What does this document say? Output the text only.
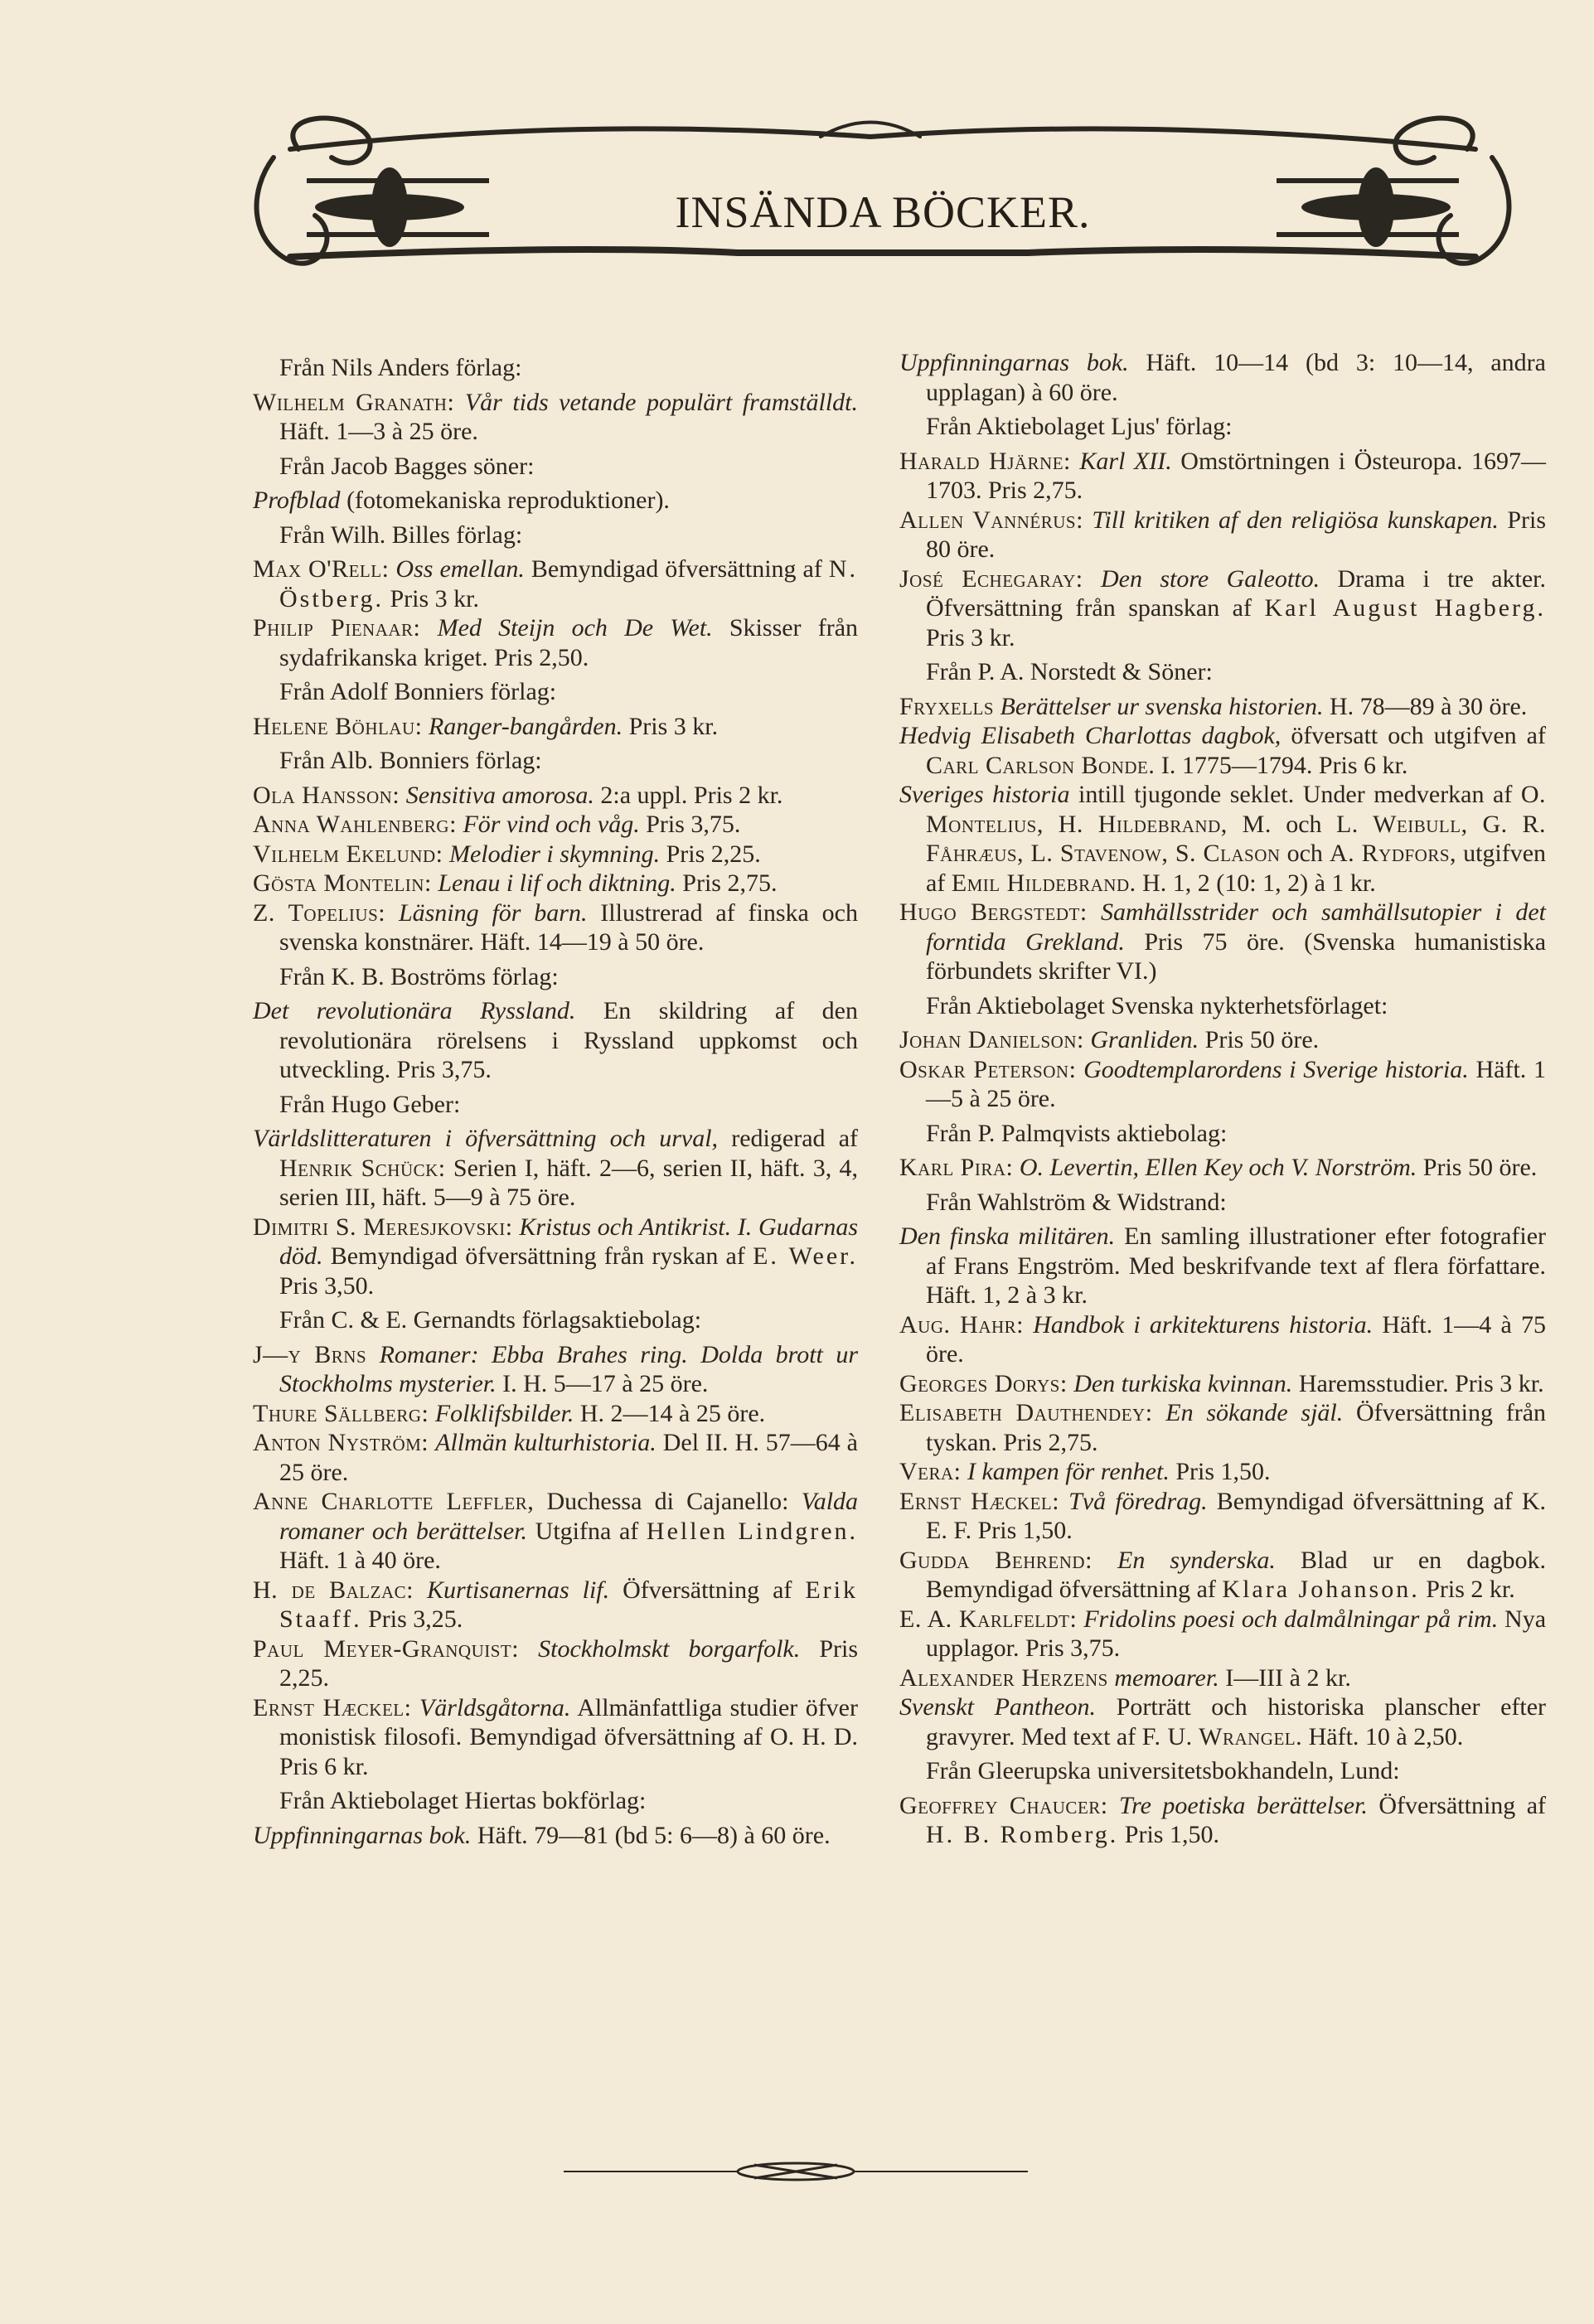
INSÄNDA BÖCKER.

Från Nils Anders förlag:

Wilhelm Granath: Vår tids vetande populärt framställdt. Häft. 1—3 à 25 öre.

Från Jacob Bagges söner:

Profblad (fotomekaniska reproduktioner).

Från Wilh. Billes förlag:

Max O'Rell: Oss emellan. Bemyndigad öfversättning af N. Östberg. Pris 3 kr.

Philip Pienaar: Med Steijn och De Wet. Skisser från sydafrikanska kriget. Pris 2,50.

Från Adolf Bonniers förlag:

Helene Böhlau: Ranger-bangården. Pris 3 kr.

Från Alb. Bonniers förlag:

Ola Hansson: Sensitiva amorosa. 2:a uppl. Pris 2 kr.

Anna Wahlenberg: För vind och våg. Pris 3,75.

Vilhelm Ekelund: Melodier i skymning. Pris 2,25.

Gösta Montelin: Lenau i lif och diktning. Pris 2,75.

Z. Topelius: Läsning för barn. Illustrerad af finska och svenska konstnärer. Häft. 14—19 à 50 öre.

Från K. B. Boströms förlag:

Det revolutionära Ryssland. En skildring af den revolutionära rörelsens i Ryssland uppkomst och utveckling. Pris 3,75.

Från Hugo Geber:

Världslitteraturen i öfversättning och urval, redigerad af Henrik Schück: Serien I, häft. 2—6, serien II, häft. 3, 4, serien III, häft. 5—9 à 75 öre.

Dimitri S. Meresjkovski: Kristus och Antikrist. I. Gudarnas död. Bemyndigad öfversättning från ryskan af E. Weer. Pris 3,50.

Från C. & E. Gernandts förlagsaktiebolag:

J—y Brns Romaner: Ebba Brahes ring. Dolda brott ur Stockholms mysterier. I. H. 5—17 à 25 öre.

Thure Sällberg: Folklifsbilder. H. 2—14 à 25 öre.

Anton Nyström: Allmän kulturhistoria. Del II. H. 57—64 à 25 öre.

Anne Charlotte Leffler, Duchessa di Cajanello: Valda romaner och berättelser. Utgifna af Hellen Lindgren. Häft. 1 à 40 öre.

H. de Balzac: Kurtisanernas lif. Öfversättning af Erik Staaff. Pris 3,25.

Paul Meyer-Granquist: Stockholmskt borgarfolk. Pris 2,25.

Ernst Hæckel: Världsgåtorna. Allmänfattliga studier öfver monistisk filosofi. Bemyndigad öfversättning af O. H. D. Pris 6 kr.

Från Aktiebolaget Hiertas bokförlag:

Uppfinningarnas bok. Häft. 79—81 (bd 5: 6—8) à 60 öre.

Uppfinningarnas bok. Häft. 10—14 (bd 3: 10—14, andra upplagan) à 60 öre.

Från Aktiebolaget Ljus' förlag:

Harald Hjärne: Karl XII. Omstörtningen i Östeuropa. 1697—1703. Pris 2,75.

Allen Vannérus: Till kritiken af den religiösa kunskapen. Pris 80 öre.

José Echegaray: Den store Galeotto. Drama i tre akter. Öfversättning från spanskan af Karl August Hagberg. Pris 3 kr.

Från P. A. Norstedt & Söner:

Fryxells Berättelser ur svenska historien. H. 78—89 à 30 öre.

Hedvig Elisabeth Charlottas dagbok, öfversatt och utgifven af Carl Carlson Bonde. I. 1775—1794. Pris 6 kr.

Sveriges historia intill tjugonde seklet. Under medverkan af O. Montelius, H. Hildebrand, M. och L. Weibull, G. R. Fåhræus, L. Stavenow, S. Clason och A. Rydfors, utgifven af Emil Hildebrand. H. 1, 2 (10: 1, 2) à 1 kr.

Hugo Bergstedt: Samhällsstrider och samhällsutopier i det forntida Grekland. Pris 75 öre. (Svenska humanistiska förbundets skrifter VI.)

Från Aktiebolaget Svenska nykterhetsförlaget:

Johan Danielson: Granliden. Pris 50 öre.

Oskar Peterson: Goodtemplarordens i Sverige historia. Häft. 1—5 à 25 öre.

Från P. Palmqvists aktiebolag:

Karl Pira: O. Levertin, Ellen Key och V. Norström. Pris 50 öre.

Från Wahlström & Widstrand:

Den finska militären. En samling illustrationer efter fotografier af Frans Engström. Med beskrifvande text af flera författare. Häft. 1, 2 à 3 kr.

Aug. Hahr: Handbok i arkitekturens historia. Häft. 1—4 à 75 öre.

Georges Dorys: Den turkiska kvinnan. Haremsstudier. Pris 3 kr.

Elisabeth Dauthendey: En sökande själ. Öfversättning från tyskan. Pris 2,75.

Vera: I kampen för renhet. Pris 1,50.

Ernst Hæckel: Två föredrag. Bemyndigad öfversättning af K. E. F. Pris 1,50.

Gudda Behrend: En synderska. Blad ur en dagbok. Bemyndigad öfversättning af Klara Johanson. Pris 2 kr.

E. A. Karlfeldt: Fridolins poesi och dalmålningar på rim. Nya upplagor. Pris 3,75.

Alexander Herzens memoarer. I—III à 2 kr.

Svenskt Pantheon. Porträtt och historiska planscher efter gravyrer. Med text af F. U. Wrangel. Häft. 10 à 2,50.

Från Gleerupska universitetsbokhandeln, Lund:

Geoffrey Chaucer: Tre poetiska berättelser. Öfversättning af H. B. Romberg. Pris 1,50.
